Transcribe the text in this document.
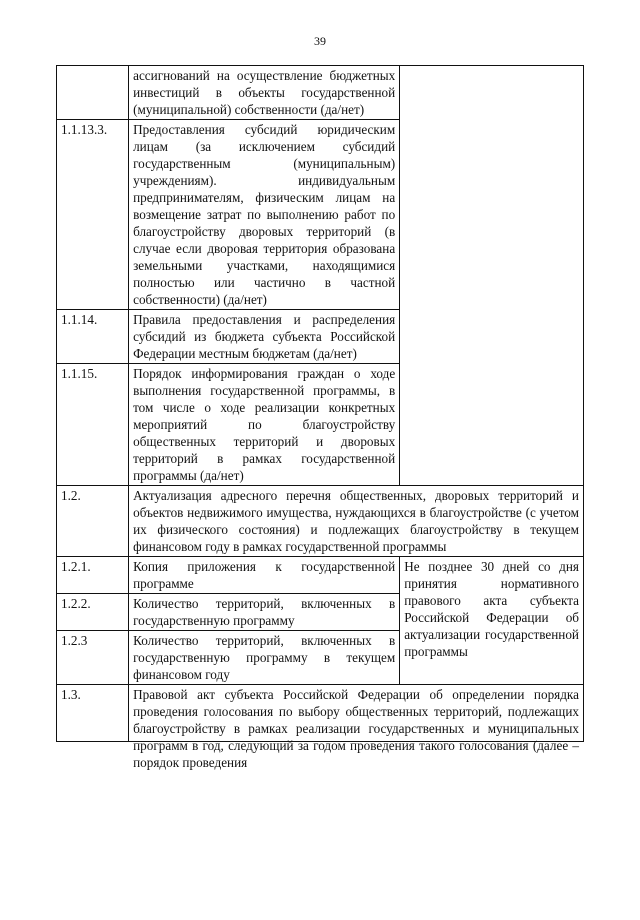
39
	ассигнований на осуществление бюджетных инвестиций в объекты государственной (муниципальной) собственности (да/нет)	
1.1.13.3.	Предоставления субсидий юридическим лицам (за исключением субсидий государственным (муниципальным) учреждениям). индивидуальным предпринимателям, физическим лицам на возмещение затрат по выполнению работ по благоустройству дворовых территорий (в случае если дворовая территория образована земельными участками, находящимися полностью или частично в частной собственности) (да/нет)	
1.1.14.	Правила предоставления и распределения субсидий из бюджета субъекта Российской Федерации местным бюджетам (да/нет)	
1.1.15.	Порядок информирования граждан о ходе выполнения государственной программы, в том числе о ходе реализации конкретных мероприятий по благоустройству общественных территорий и дворовых территорий в рамках государственной программы (да/нет)	
1.2.	Актуализация адресного перечня общественных, дворовых территорий и объектов недвижимого имущества, нуждающихся в благоустройстве (с учетом их физического состояния) и подлежащих благоустройству в текущем финансовом году в рамках государственной программы	
1.2.1.	Копия приложения к государственной программе	Не позднее 30 дней со дня принятия нормативного правового акта субъекта Российской Федерации об актуализации государственной программы
1.2.2.	Количество территорий, включенных в государственную программу	
1.2.3	Количество территорий, включенных в государственную программу в текущем финансовом году	
1.3.	Правовой акт субъекта Российской Федерации об определении порядка проведения голосования по выбору общественных территорий, подлежащих благоустройству в рамках реализации государственных и муниципальных программ в год, следующий за годом проведения такого голосования (далее – порядок проведения	
